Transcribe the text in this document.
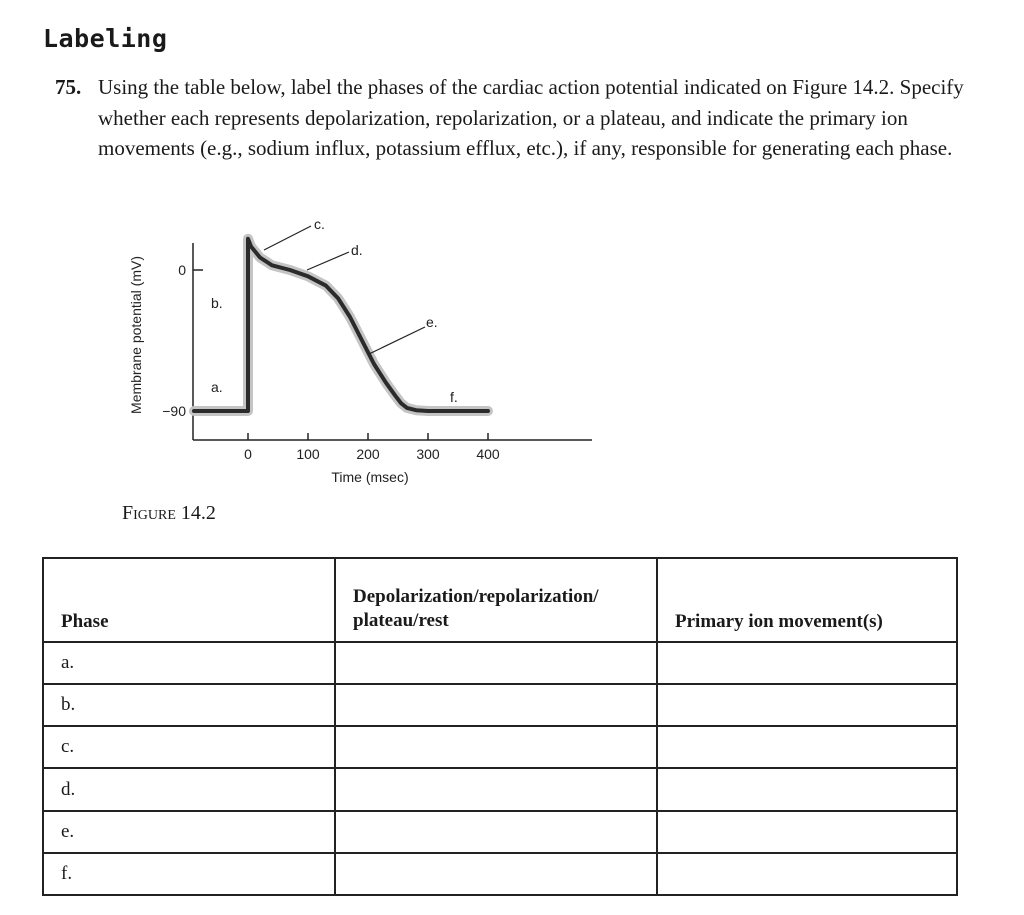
Labeling
75. Using the table below, label the phases of the cardiac action potential indicated on Figure 14.2. Specify whether each represents depolarization, repolarization, or a plateau, and indicate the primary ion movements (e.g., sodium influx, potassium efflux, etc.), if any, responsible for generating each phase.
0
−90
0	100	200	300	400
Time (msec)
Membrane potential (mV)	a.
b.
c.
d.
e.
f.
Figure 14.2
Phase	Depolarization/repolarization/ plateau/rest	Primary ion movement(s)
a.		
b.		
c.		
d.		
e.		
f.		
